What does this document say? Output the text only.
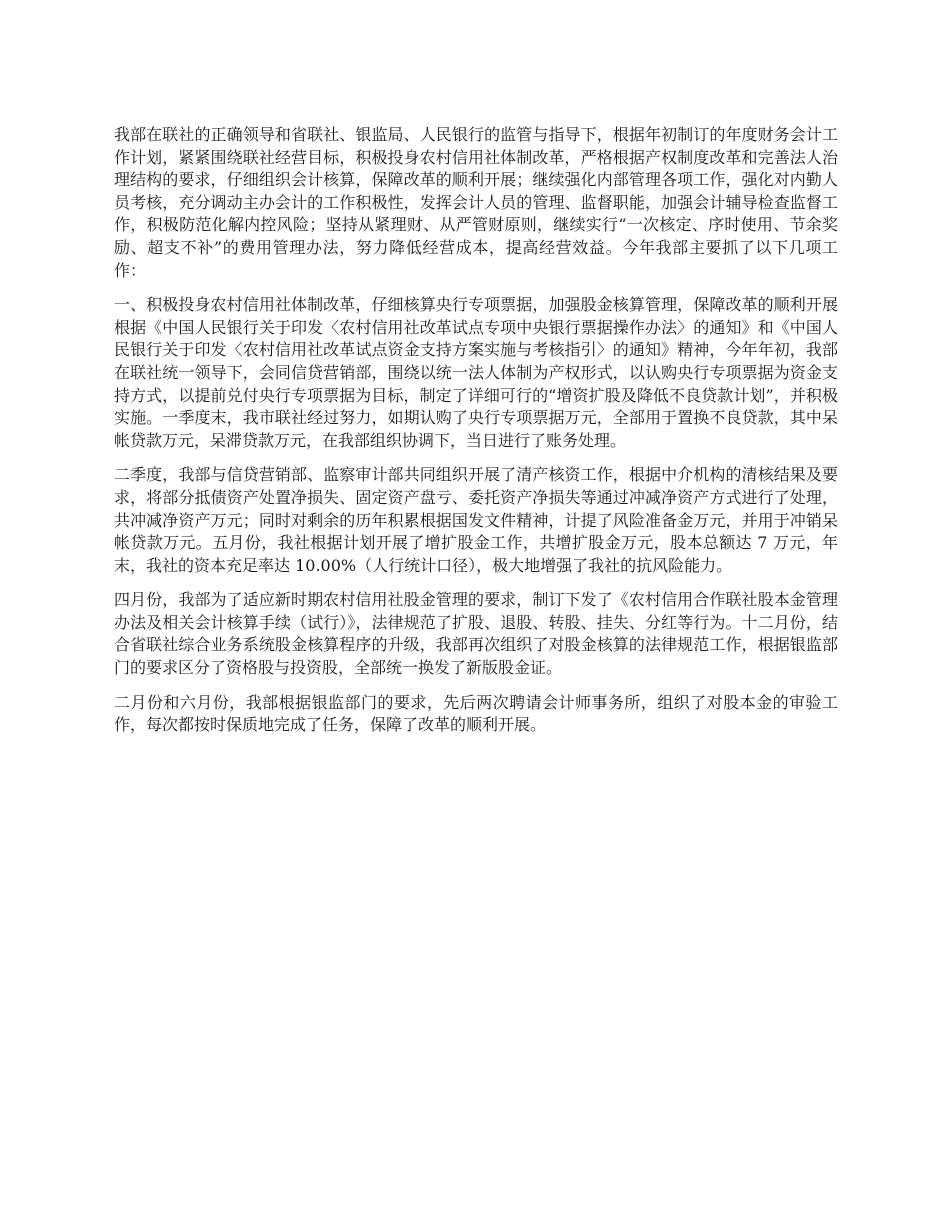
我部在联社的正确领导和省联社、银监局、人民银行的监管与指导下，根据年初制订的年度财务会计工作计划，紧紧围绕联社经营目标，积极投身农村信用社体制改革，严格根据产权制度改革和完善法人治理结构的要求，仔细组织会计核算，保障改革的顺利开展；继续强化内部管理各项工作，强化对内勤人员考核，充分调动主办会计的工作积极性，发挥会计人员的管理、监督职能，加强会计辅导检查监督工作，积极防范化解内控风险；坚持从紧理财、从严管财原则，继续实行“一次核定、序时使用、节余奖励、超支不补”的费用管理办法，努力降低经营成本，提高经营效益。今年我部主要抓了以下几项工作：

一、积极投身农村信用社体制改革，仔细核算央行专项票据，加强股金核算管理，保障改革的顺利开展根据《中国人民银行关于印发〈农村信用社改革试点专项中央银行票据操作办法〉的通知》和《中国人民银行关于印发〈农村信用社改革试点资金支持方案实施与考核指引〉的通知》精神，今年年初，我部在联社统一领导下，会同信贷营销部，围绕以统一法人体制为产权形式，以认购央行专项票据为资金支持方式，以提前兑付央行专项票据为目标，制定了详细可行的“增资扩股及降低不良贷款计划”，并积极实施。一季度末，我市联社经过努力，如期认购了央行专项票据万元，全部用于置换不良贷款，其中呆帐贷款万元，呆滞贷款万元，在我部组织协调下，当日进行了账务处理。

二季度，我部与信贷营销部、监察审计部共同组织开展了清产核资工作，根据中介机构的清核结果及要求，将部分抵债资产处置净损失、固定资产盘亏、委托资产净损失等通过冲减净资产方式进行了处理，共冲减净资产万元；同时对剩余的历年积累根据国发文件精神，计提了风险准备金万元，并用于冲销呆帐贷款万元。五月份，我社根据计划开展了增扩股金工作，共增扩股金万元，股本总额达 7 万元，年末，我社的资本充足率达 10.00%（人行统计口径），极大地增强了我社的抗风险能力。

四月份，我部为了适应新时期农村信用社股金管理的要求，制订下发了《农村信用合作联社股本金管理办法及相关会计核算手续（试行）》，法律规范了扩股、退股、转股、挂失、分红等行为。十二月份，结合省联社综合业务系统股金核算程序的升级，我部再次组织了对股金核算的法律规范工作，根据银监部门的要求区分了资格股与投资股，全部统一换发了新版股金证。

二月份和六月份，我部根据银监部门的要求，先后两次聘请会计师事务所，组织了对股本金的审验工作，每次都按时保质地完成了任务，保障了改革的顺利开展。
